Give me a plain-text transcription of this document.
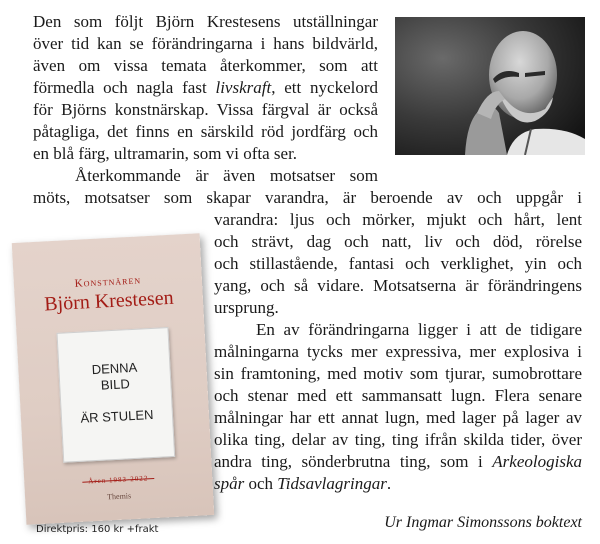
Den som följt Björn Krestesens utställningar
över tid kan se förändringarna i hans bildvärld,
även om vissa temata återkommer, som att
förmedla och nagla fast livskraft, ett nyckelord
för Björns konstnärskap. Vissa färgval är också
påtagliga, det finns en särskild röd jordfärg och
en blå färg, ultramarin, som vi ofta ser.
Återkommande är även motsatser som
möts, motsatser som skapar varandra, är beroende av och uppgår i
varandra: ljus och mörker, mjukt och hårt, lent
och strävt, dag och natt, liv och död, rörelse
och stillastående, fantasi och verklighet, yin och
yang, och så vidare. Motsatserna är förändringens
ursprung.
En av förändringarna ligger i att de tidigare
målningarna tycks mer expressiva, mer explosiva i
sin framtoning, med motiv som tjurar, sumobrottare
och stenar med ett sammansatt lugn. Flera senare
målningar har ett annat lugn, med lager på lager av
olika ting, delar av ting, ting ifrån skilda tider, över
andra ting, sönderbrutna ting, som i Arkeologiska
spår och Tidsavlagringar.
Konstnären
Björn Krestesen
DENNA
BILD
ÄR STULEN
Åren 1983-2022
Themis
Direktpris: 160 kr +frakt	Ur Ingmar Simonssons boktext
